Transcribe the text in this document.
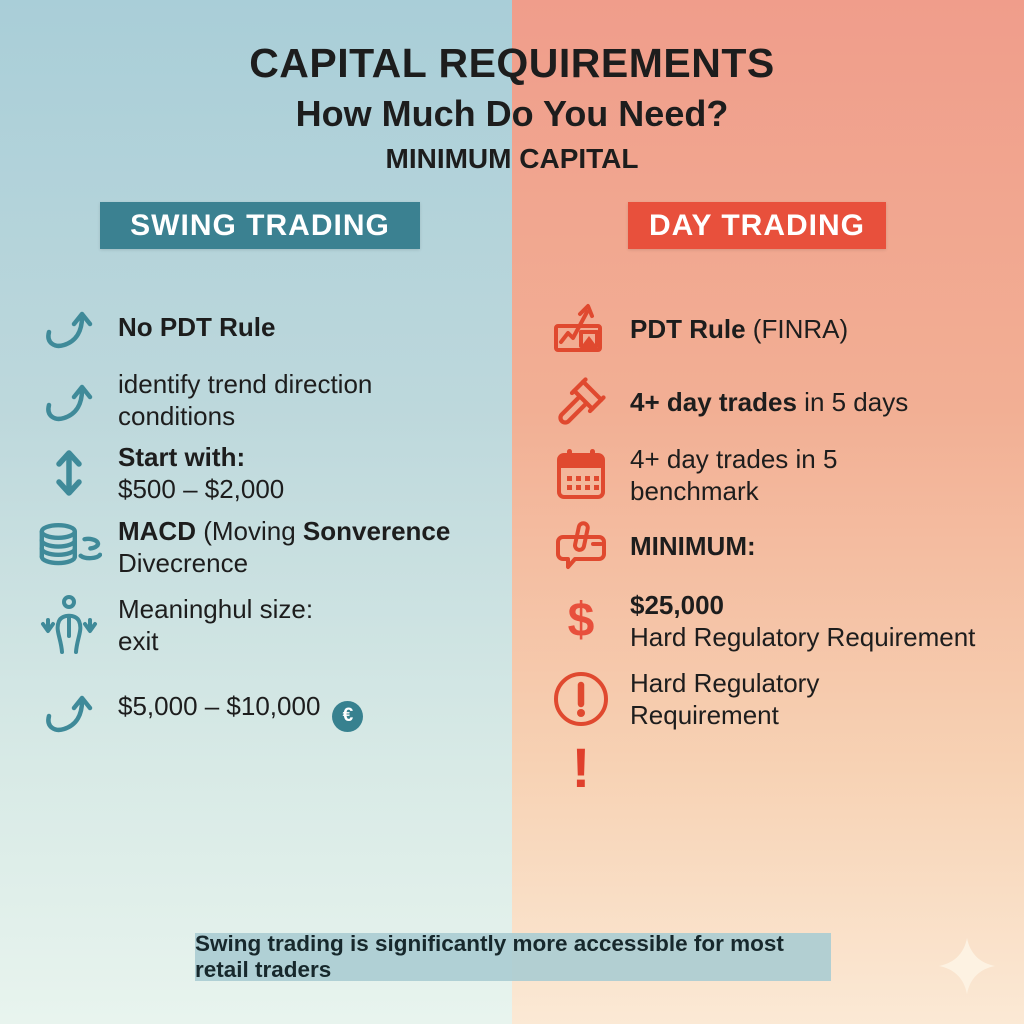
CAPITAL REQUIREMENTS
How Much Do You Need?
MINIMUM CAPITAL
SWING TRADING	DAY TRADING
No PDT Rule
identify trend direction
conditions
Start with:
$500 – $2,000
MACD (Moving Sonverence
Divecrence
Meaninghul size:
exit
$5,000 – $10,000 €
PDT Rule (FINRA)
4+ day trades in 5 days
4+ day trades in 5
benchmark
MINIMUM:
$ $25,000
Hard Regulatory Requirement
Hard Regulatory
Requirement
!
Swing trading is significantly more accessible for most retail traders
